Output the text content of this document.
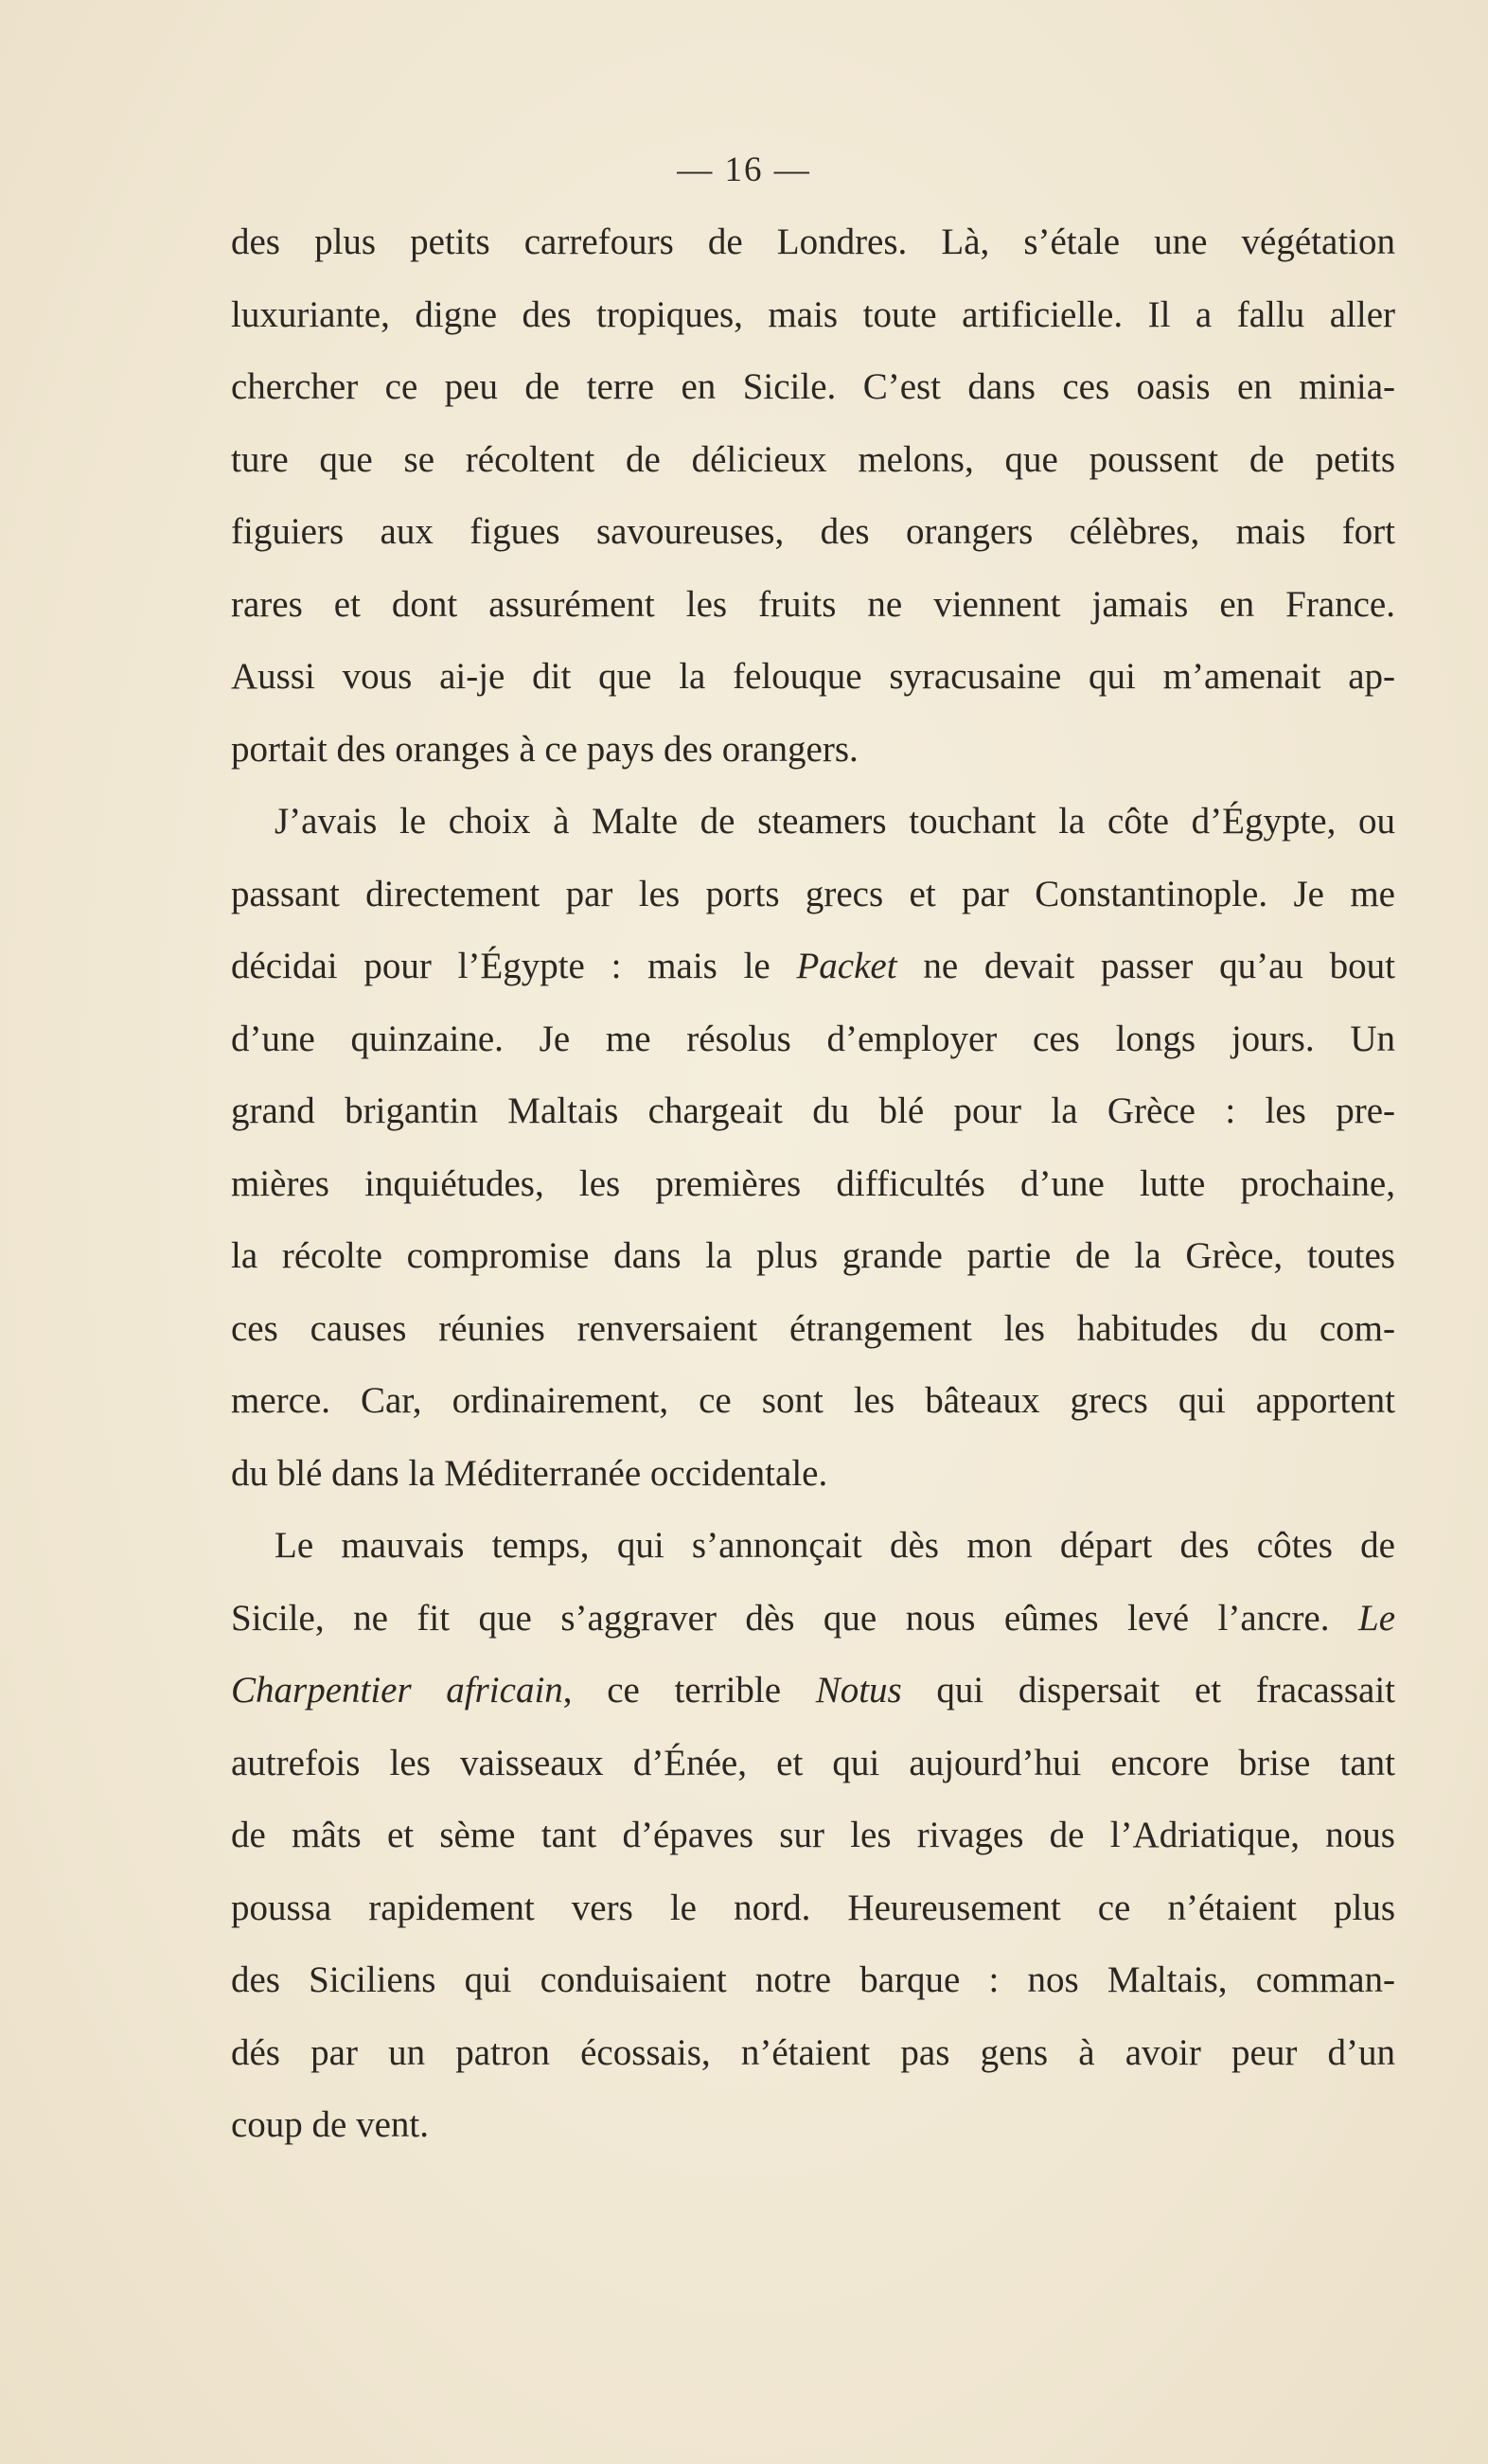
— 16 —
des plus petits carrefours de Londres. Là, s’étale une végétation
luxuriante, digne des tropiques, mais toute artificielle. Il a fallu aller
chercher ce peu de terre en Sicile. C’est dans ces oasis en minia-
ture que se récoltent de délicieux melons, que poussent de petits
figuiers aux figues savoureuses, des orangers célèbres, mais fort
rares et dont assurément les fruits ne viennent jamais en France.
Aussi vous ai-je dit que la felouque syracusaine qui m’amenait ap-
portait des oranges à ce pays des orangers.
J’avais le choix à Malte de steamers touchant la côte d’Égypte, ou
passant directement par les ports grecs et par Constantinople. Je me
décidai pour l’Égypte : mais le Packet ne devait passer qu’au bout
d’une quinzaine. Je me résolus d’employer ces longs jours. Un
grand brigantin Maltais chargeait du blé pour la Grèce : les pre-
mières inquiétudes, les premières difficultés d’une lutte prochaine,
la récolte compromise dans la plus grande partie de la Grèce, toutes
ces causes réunies renversaient étrangement les habitudes du com-
merce. Car, ordinairement, ce sont les bâteaux grecs qui apportent
du blé dans la Méditerranée occidentale.
Le mauvais temps, qui s’annonçait dès mon départ des côtes de
Sicile, ne fit que s’aggraver dès que nous eûmes levé l’ancre. Le
Charpentier africain, ce terrible Notus qui dispersait et fracassait
autrefois les vaisseaux d’Énée, et qui aujourd’hui encore brise tant
de mâts et sème tant d’épaves sur les rivages de l’Adriatique, nous
poussa rapidement vers le nord. Heureusement ce n’étaient plus
des Siciliens qui conduisaient notre barque : nos Maltais, comman-
dés par un patron écossais, n’étaient pas gens à avoir peur d’un
coup de vent.
